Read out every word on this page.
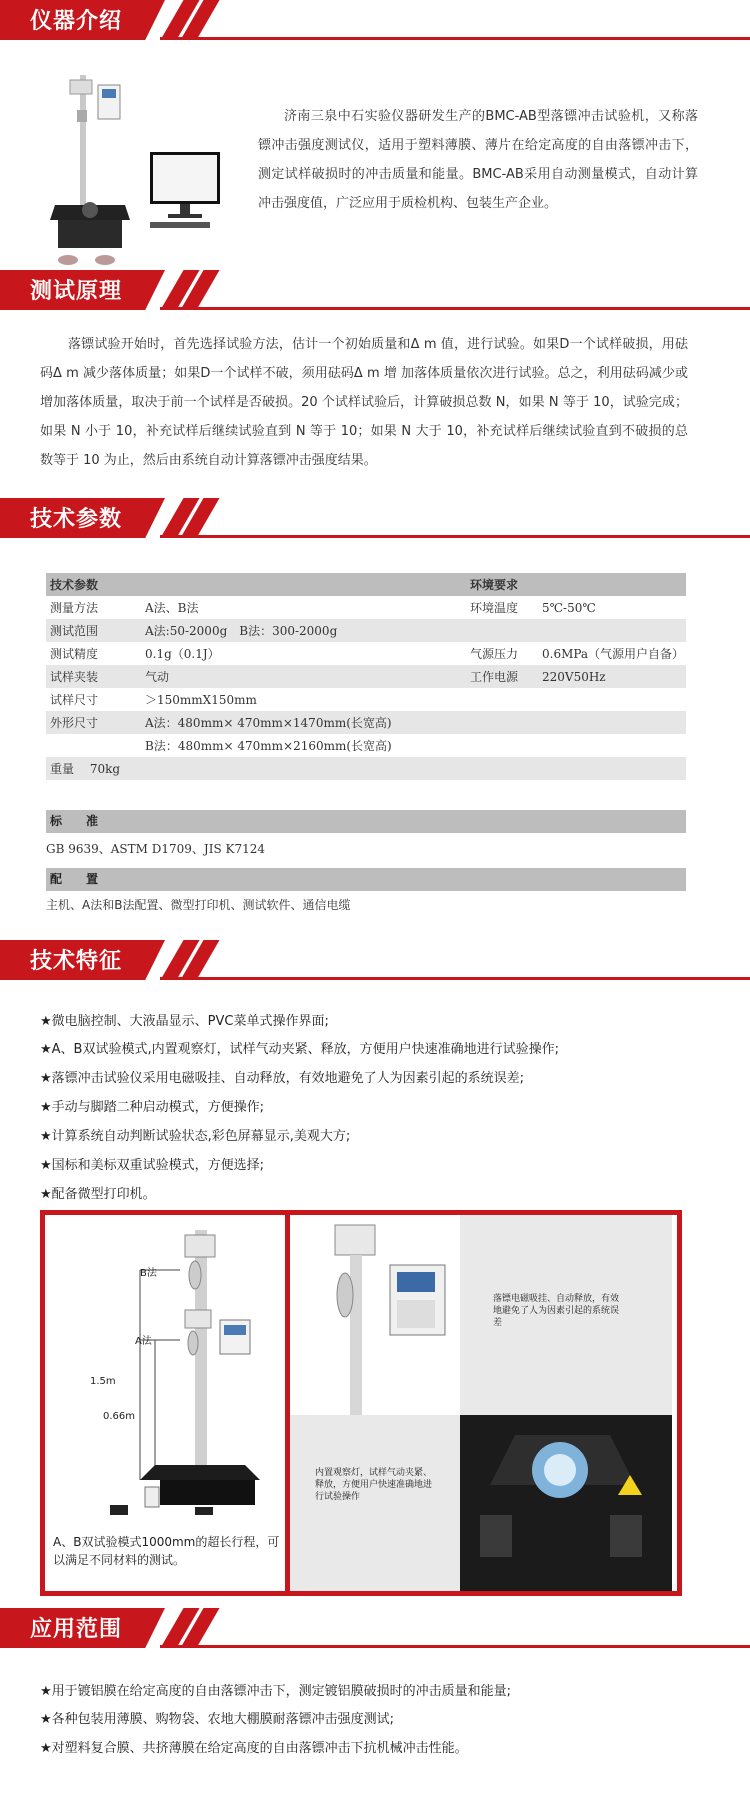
仪器介绍
济南三泉中石实验仪器研发生产的BMC-AB型落镖冲击试验机，又称落镖冲击强度测试仪，适用于塑料薄膜、薄片在给定高度的自由落镖冲击下，测定试样破损时的冲击质量和能量。BMC-AB采用自动测量模式，自动计算冲击强度值，广泛应用于质检机构、包装生产企业。
测试原理
落镖试验开始时，首先选择试验方法，估计一个初始质量和Δ m 值，进行试验。如果D一个试样破损，用砝码Δ m 减少落体质量；如果D一个试样不破，须用砝码Δ m 增 加落体质量依次进行试验。总之，利用砝码减少或增加落体质量，取决于前一个试样是否破损。20 个试样试验后，计算破损总数 N，如果 N 等于 10，试验完成；如果 N 小于 10，补充试样后继续试验直到 N 等于 10；如果 N 大于 10，补充试样后继续试验直到不破损的总数等于 10 为止，然后由系统自动计算落镖冲击强度结果。
技术参数
技术参数		环境要求	
测量方法	A法、B法	环境温度	5℃-50℃
测试范围	A法:50-2000g　B法：300-2000g		
测试精度	0.1g（0.1J）	气源压力	0.6MPa（气源用户自备）
试样夹装	气动	工作电源	220V50Hz
试样尺寸	＞150mmX150mm		
外形尺寸	A法：480mm× 470mm×1470mm(长宽高)		
	B法：480mm× 470mm×2160mm(长宽高)		
重量　 70kg			
标　　准
GB 9639、ASTM D1709、JIS K7124
配　　置
主机、A法和B法配置、微型打印机、测试软件、通信电缆
技术特征
★微电脑控制、大液晶显示、PVC菜单式操作界面;
★A、B双试验模式,内置观察灯，试样气动夹紧、释放，方便用户快速准确地进行试验操作;
★落镖冲击试验仪采用电磁吸挂、自动释放，有效地避免了人为因素引起的系统误差;
★手动与脚踏二种启动模式，方便操作;
★计算系统自动判断试验状态,彩色屏幕显示,美观大方;
★国标和美标双重试验模式，方便选择;
★配备微型打印机。
B法
A法
1.5m
0.66m
A、B双试验模式1000mm的超长行程，可以满足不同材料的测试。
落镖电磁吸挂、自动释放，有效地避免了人为因素引起的系统误差
内置观察灯，试样气动夹紧、释放，方便用户快速准确地进行试验操作
应用范围
★用于镀铝膜在给定高度的自由落镖冲击下，测定镀铝膜破损时的冲击质量和能量;
★各种包装用薄膜、购物袋、农地大棚膜耐落镖冲击强度测试;
★对塑料复合膜、共挤薄膜在给定高度的自由落镖冲击下抗机械冲击性能。
